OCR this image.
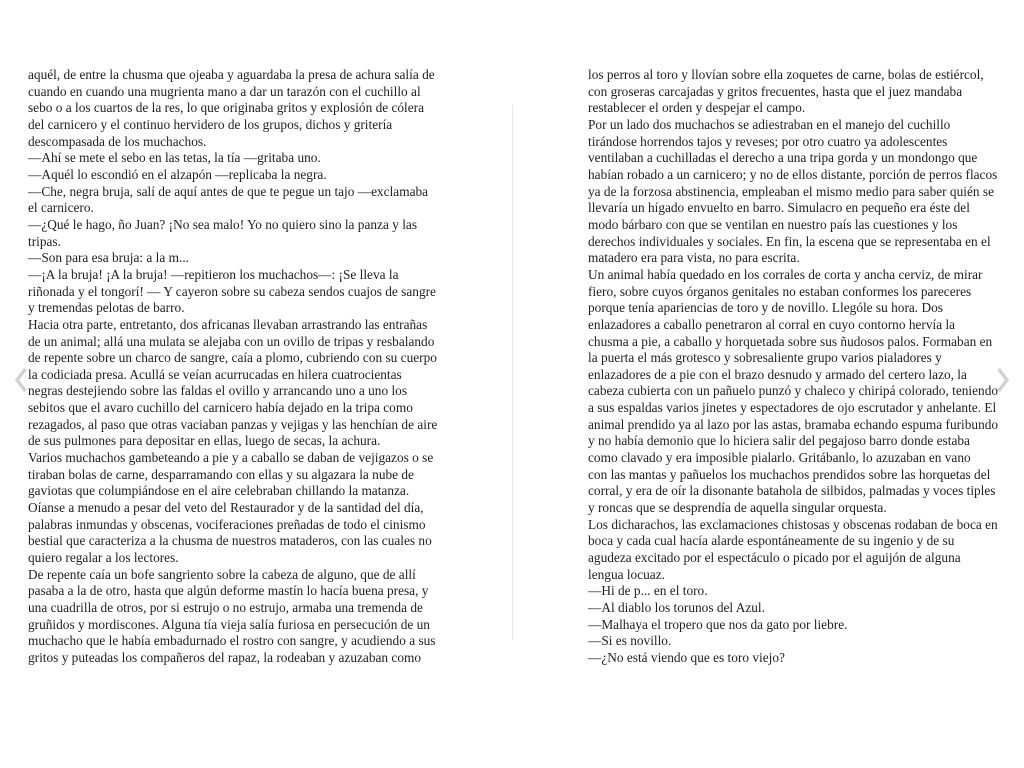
aquél, de entre la chusma que ojeaba y aguardaba la presa de achura salía de
cuando en cuando una mugrienta mano a dar un tarazón con el cuchillo al
sebo o a los cuartos de la res, lo que originaba gritos y explosión de cólera
del carnicero y el continuo hervidero de los grupos, dichos y gritería
descompasada de los muchachos.
—Ahí se mete el sebo en las tetas, la tía —gritaba uno.
—Aquél lo escondió en el alzapón —replicaba la negra.
—Che, negra bruja, salí de aquí antes de que te pegue un tajo —exclamaba
el carnicero.
—¿Qué le hago, ño Juan? ¡No sea malo! Yo no quiero sino la panza y las
tripas.
—Son para esa bruja: a la m...
—¡A la bruja! ¡A la bruja! —repitieron los muchachos—: ¡Se lleva la
riñonada y el tongorí! — Y cayeron sobre su cabeza sendos cuajos de sangre
y tremendas pelotas de barro.
Hacia otra parte, entretanto, dos africanas llevaban arrastrando las entrañas
de un animal; allá una mulata se alejaba con un ovillo de tripas y resbalando
de repente sobre un charco de sangre, caía a plomo, cubriendo con su cuerpo
la codiciada presa. Acullá se veían acurrucadas en hilera cuatrocientas
negras destejiendo sobre las faldas el ovillo y arrancando uno a uno los
sebitos que el avaro cuchillo del carnicero había dejado en la tripa como
rezagados, al paso que otras vaciaban panzas y vejigas y las henchían de aire
de sus pulmones para depositar en ellas, luego de secas, la achura.
Varios muchachos gambeteando a pie y a caballo se daban de vejigazos o se
tiraban bolas de carne, desparramando con ellas y su algazara la nube de
gaviotas que columpiándose en el aire celebraban chillando la matanza.
Oíanse a menudo a pesar del veto del Restaurador y de la santidad del día,
palabras inmundas y obscenas, vociferaciones preñadas de todo el cinismo
bestial que caracteriza a la chusma de nuestros mataderos, con las cuales no
quiero regalar a los lectores.
De repente caía un bofe sangriento sobre la cabeza de alguno, que de allí
pasaba a la de otro, hasta que algún deforme mastín lo hacía buena presa, y
una cuadrilla de otros, por si estrujo o no estrujo, armaba una tremenda de
gruñidos y mordiscones. Alguna tía vieja salía furiosa en persecución de un
muchacho que le había embadurnado el rostro con sangre, y acudiendo a sus
gritos y puteadas los compañeros del rapaz, la rodeaban y azuzaban como
los perros al toro y llovían sobre ella zoquetes de carne, bolas de estiércol,
con groseras carcajadas y gritos frecuentes, hasta que el juez mandaba
restablecer el orden y despejar el campo.
Por un lado dos muchachos se adiestraban en el manejo del cuchillo
tirándose horrendos tajos y reveses; por otro cuatro ya adolescentes
ventilaban a cuchilladas el derecho a una tripa gorda y un mondongo que
habían robado a un carnicero; y no de ellos distante, porción de perros flacos
ya de la forzosa abstinencia, empleaban el mismo medio para saber quién se
llevaría un hígado envuelto en barro. Simulacro en pequeño era éste del
modo bárbaro con que se ventilan en nuestro país las cuestiones y los
derechos individuales y sociales. En fin, la escena que se representaba en el
matadero era para vista, no para escrita.
Un animal había quedado en los corrales de corta y ancha cerviz, de mirar
fiero, sobre cuyos órganos genitales no estaban conformes los pareceres
porque tenía apariencias de toro y de novillo. Llególe su hora. Dos
enlazadores a caballo penetraron al corral en cuyo contorno hervía la
chusma a pie, a caballo y horquetada sobre sus ñudosos palos. Formaban en
la puerta el más grotesco y sobresaliente grupo varios pialadores y
enlazadores de a pie con el brazo desnudo y armado del certero lazo, la
cabeza cubierta con un pañuelo punzó y chaleco y chiripá colorado, teniendo
a sus espaldas varios jinetes y espectadores de ojo escrutador y anhelante. El
animal prendido ya al lazo por las astas, bramaba echando espuma furibundo
y no había demonio que lo hiciera salir del pegajoso barro donde estaba
como clavado y era imposible pialarlo. Gritábanlo, lo azuzaban en vano
con las mantas y pañuelos los muchachos prendidos sobre las horquetas del
corral, y era de oír la disonante batahola de silbidos, palmadas y voces tiples
y roncas que se desprendía de aquella singular orquesta.
Los dicharachos, las exclamaciones chistosas y obscenas rodaban de boca en
boca y cada cual hacía alarde espontáneamente de su ingenio y de su
agudeza excitado por el espectáculo o picado por el aguijón de alguna
lengua locuaz.
—Hi de p... en el toro.
—Al diablo los torunos del Azul.
—Malhaya el tropero que nos da gato por liebre.
—Si es novillo.
—¿No está viendo que es toro viejo?
